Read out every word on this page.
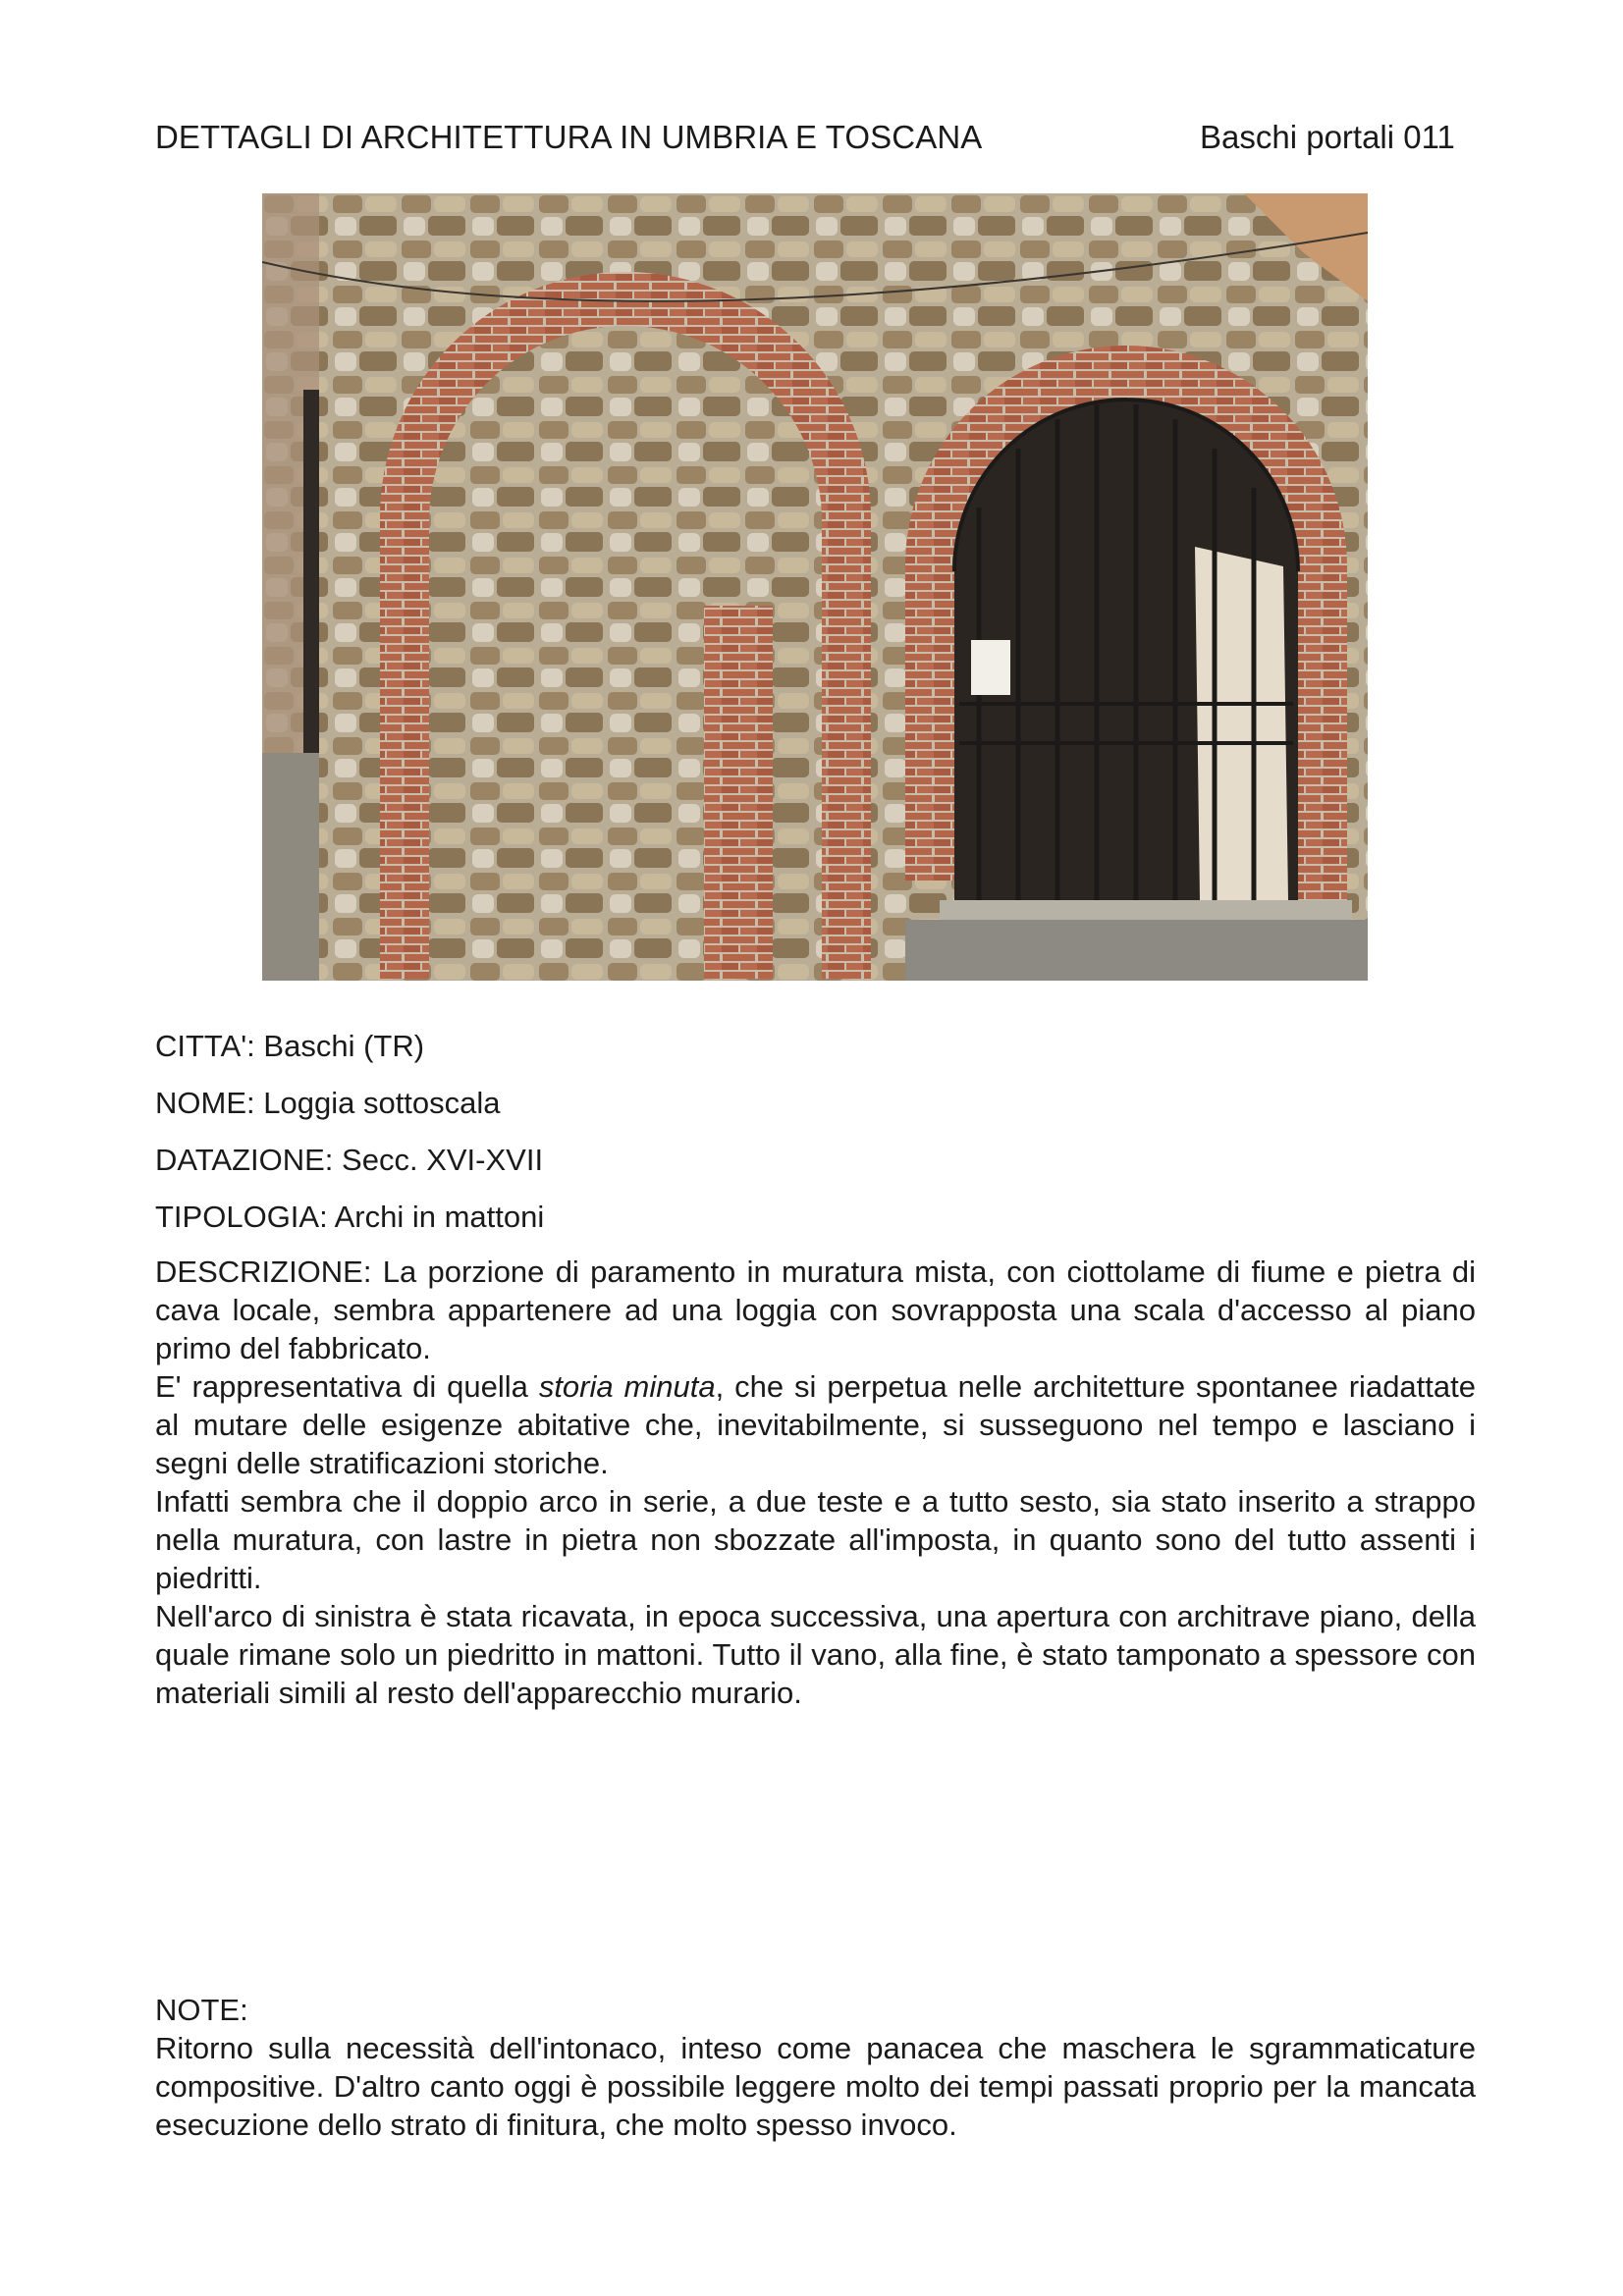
DETTAGLI DI ARCHITETTURA IN UMBRIA E TOSCANA	Baschi portali 011
CITTA': Baschi (TR)
NOME: Loggia sottoscala
DATAZIONE: Secc. XVI-XVII
TIPOLOGIA: Archi in mattoni

DESCRIZIONE: La porzione di paramento in muratura mista, con ciottolame di fiume e pietra di cava locale, sembra appartenere ad una loggia con sovrapposta una scala d'accesso al piano primo del fabbricato.

E' rappresentativa di quella storia minuta, che si perpetua nelle architetture spontanee riadattate al mutare delle esigenze abitative che, inevitabilmente, si susseguono nel tempo e lasciano i segni delle stratificazioni storiche.

Infatti sembra che il doppio arco in serie, a due teste e a tutto sesto, sia stato inserito a strappo nella muratura, con lastre in pietra non sbozzate all'imposta, in quanto sono del tutto assenti i piedritti.

Nell'arco di sinistra è stata ricavata, in epoca successiva, una apertura con architrave piano, della quale rimane solo un piedritto in mattoni. Tutto il vano, alla fine, è stato tamponato a spessore con materiali simili al resto dell'apparecchio murario.

NOTE:

Ritorno sulla necessità dell'intonaco, inteso come panacea che maschera le sgrammaticature compositive. D'altro canto oggi è possibile leggere molto dei tempi passati proprio per la mancata esecuzione dello strato di finitura, che molto spesso invoco.
